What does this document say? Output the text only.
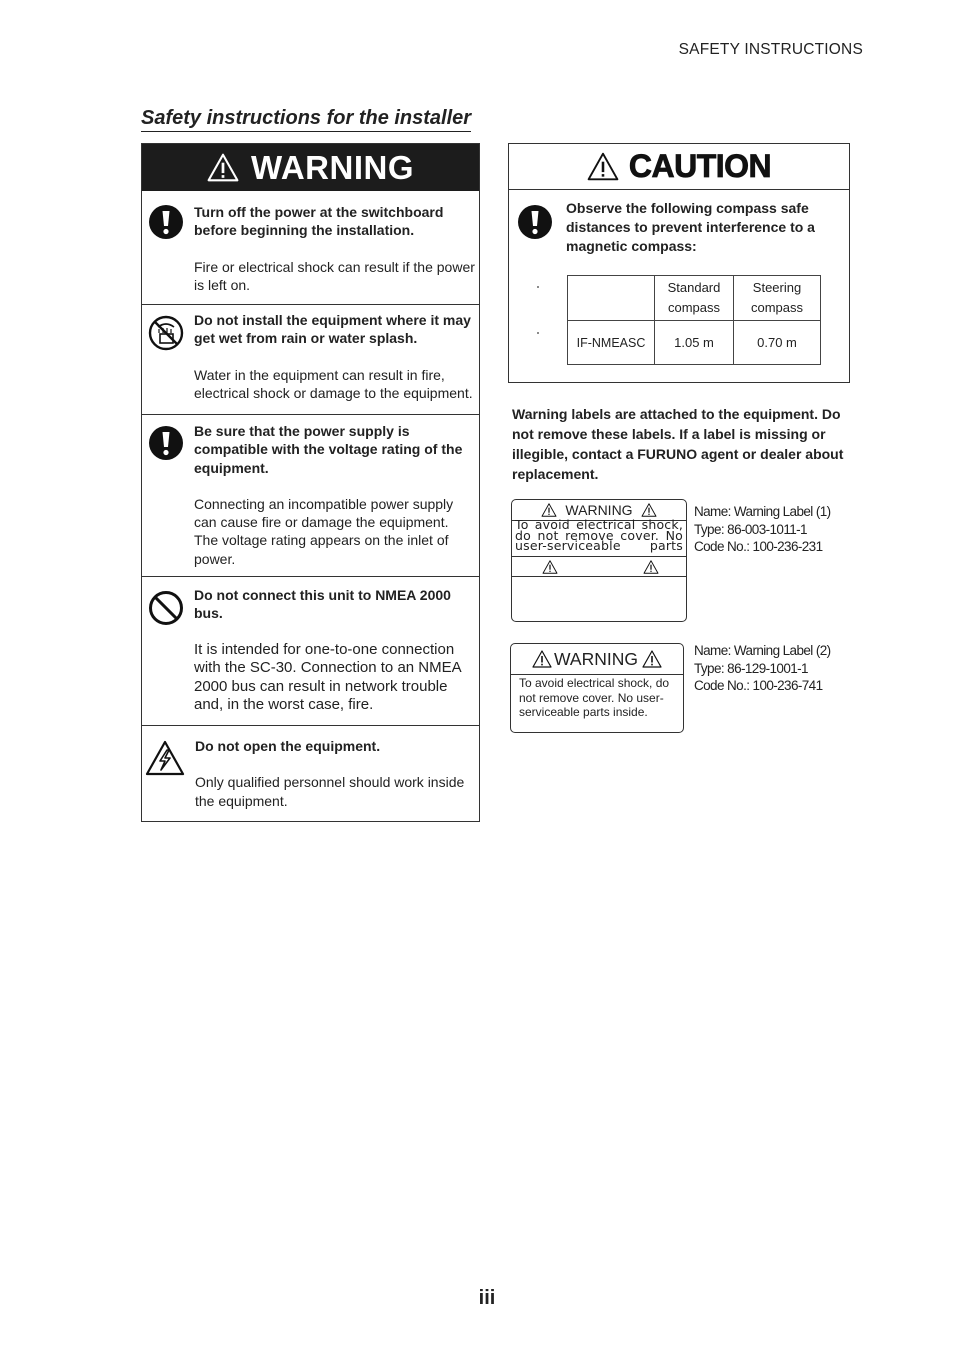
SAFETY INSTRUCTIONS
Safety instructions for the installer
WARNING
Turn off the power at the switchboard before beginning the installation.
Fire or electrical shock can result if the power is left on.
Do not install the equipment where it may get wet from rain or water splash.
Water in the equipment can result in fire, electrical shock or damage to the equipment.
Be sure that the power supply is compatible with the voltage rating of the equipment.
Connecting an incompatible power supply can cause fire or damage the equipment. The voltage rating appears on the inlet of power.
Do not connect this unit to NMEA 2000 bus.
It is intended for one-to-one connection with the SC-30. Connection to an NMEA 2000 bus can result in network trouble and, in the worst case, fire.
Do not open the equipment.
Only qualified personnel should work inside the equipment.
CAUTION
Observe the following compass safe distances to prevent interference to a magnetic compass:
	Standard compass	Steering compass
IF-NMEASC	1.05 m	0.70 m
Warning labels are attached to the equipment. Do not remove these labels. If a label is missing or illegible, contact a FURUNO agent or dealer about replacement.
WARNING
To avoid electrical shock, do not remove cover. No user-serviceable parts
Name: Warning Label (1)
Type: 86-003-1011-1
Code No.: 100-236-231
WARNING
To avoid electrical shock, do not remove cover. No user-serviceable parts inside.
Name: Warning Label (2)
Type: 86-129-1001-1
Code No.: 100-236-741
iii
